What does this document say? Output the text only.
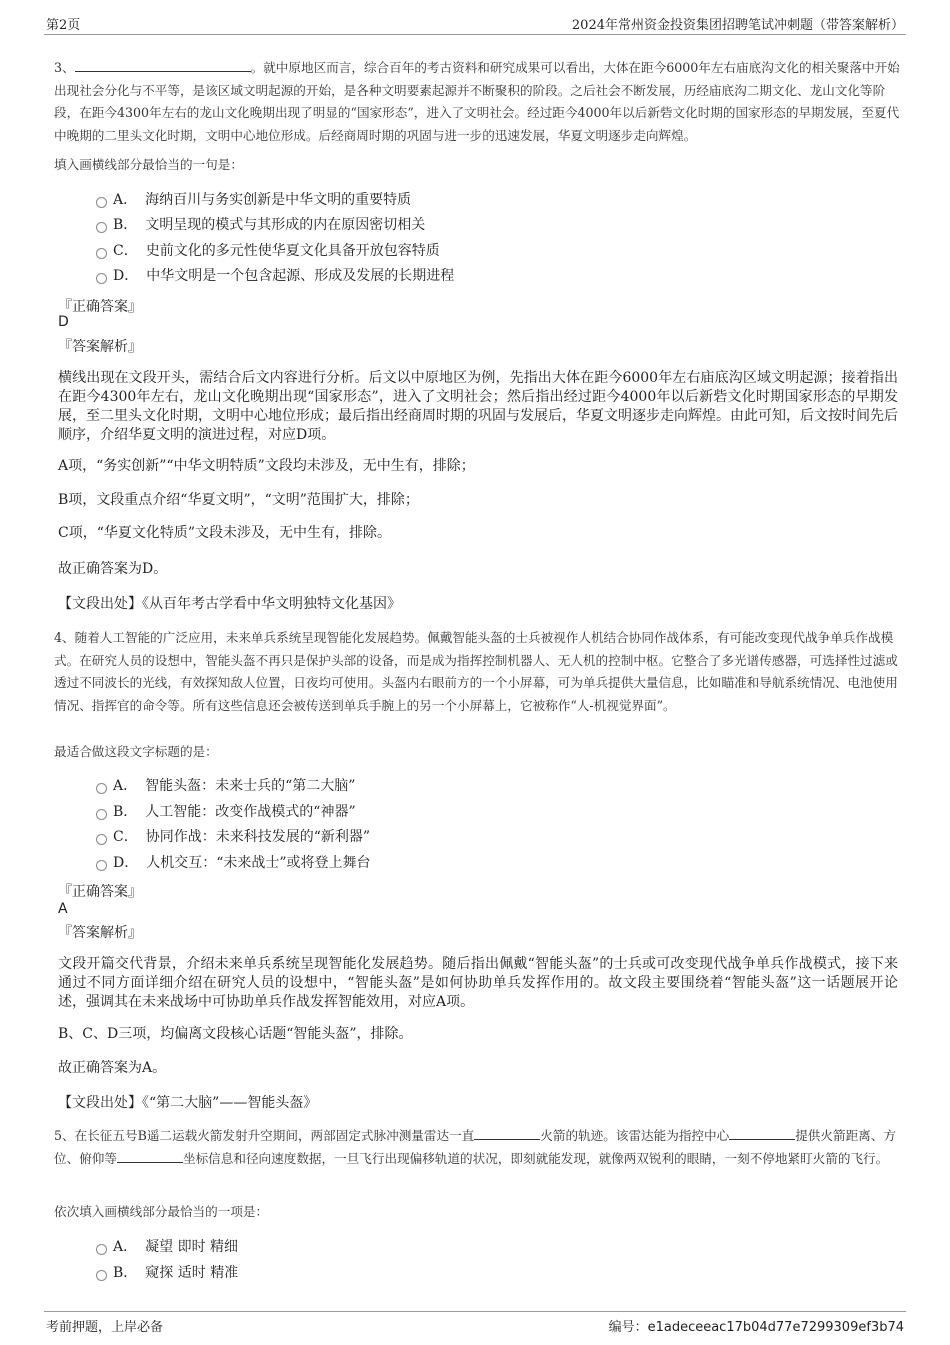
第2页	2024年常州资金投资集团招聘笔试冲刺题（带答案解析）
3、	。就中原地区而言，综合百年的考古资料和研究成果可以看出，大体在距今6000年左右庙底沟文化的相关聚落中开始出现社会分化与不平等，是该区域文明起源的开始，是各种文明要素起源并不断聚积的阶段。之后社会不断发展，历经庙底沟二期文化、龙山文化等阶段，在距今4300年左右的龙山文化晚期出现了明显的“国家形态”，进入了文明社会。经过距今4000年以后新砦文化时期的国家形态的早期发展，至夏代中晚期的二里头文化时期，文明中心地位形成。后经商周时期的巩固与进一步的迅速发展，华夏文明逐步走向辉煌。
填入画横线部分最恰当的一句是：
A． 海纳百川与务实创新是中华文明的重要特质
B． 文明呈现的模式与其形成的内在原因密切相关
C． 史前文化的多元性使华夏文化具备开放包容特质
D． 中华文明是一个包含起源、形成及发展的长期进程
『正确答案』
D
『答案解析』
横线出现在文段开头，需结合后文内容进行分析。后文以中原地区为例，先指出大体在距今6000年左右庙底沟区域文明起源；接着指出在距今4300年左右，龙山文化晚期出现“国家形态”，进入了文明社会；然后指出经过距今4000年以后新砦文化时期国家形态的早期发展，至二里头文化时期，文明中心地位形成；最后指出经商周时期的巩固与发展后，华夏文明逐步走向辉煌。由此可知，后文按时间先后顺序，介绍华夏文明的演进过程，对应D项。
A项，“务实创新”“中华文明特质”文段均未涉及，无中生有，排除；
B项，文段重点介绍“华夏文明”，“文明”范围扩大，排除；
C项，“华夏文化特质”文段未涉及，无中生有，排除。
故正确答案为D。
【文段出处】《从百年考古学看中华文明独特文化基因》
4、随着人工智能的广泛应用，未来单兵系统呈现智能化发展趋势。佩戴智能头盔的士兵被视作人机结合协同作战体系，有可能改变现代战争单兵作战模式。在研究人员的设想中，智能头盔不再只是保护头部的设备，而是成为指挥控制机器人、无人机的控制中枢。它整合了多光谱传感器，可选择性过滤或透过不同波长的光线，有效探知敌人位置，日夜均可使用。头盔内右眼前方的一个小屏幕，可为单兵提供大量信息，比如瞄准和导航系统情况、电池使用情况、指挥官的命令等。所有这些信息还会被传送到单兵手腕上的另一个小屏幕上，它被称作“人-机视觉界面”。
最适合做这段文字标题的是：
A． 智能头盔：未来士兵的“第二大脑”
B． 人工智能：改变作战模式的“神器”
C． 协同作战：未来科技发展的“新利器”
D． 人机交互：“未来战士”或将登上舞台
『正确答案』
A
『答案解析』
文段开篇交代背景，介绍未来单兵系统呈现智能化发展趋势。随后指出佩戴“智能头盔”的士兵或可改变现代战争单兵作战模式，接下来通过不同方面详细介绍在研究人员的设想中，“智能头盔”是如何协助单兵发挥作用的。故文段主要围绕着“智能头盔”这一话题展开论述，强调其在未来战场中可协助单兵作战发挥智能效用，对应A项。
B、C、D三项，均偏离文段核心话题“智能头盔”，排除。
故正确答案为A。
【文段出处】《“第二大脑”——智能头盔》
5、在长征五号B遥二运载火箭发射升空期间，两部固定式脉冲测量雷达一直	火箭的轨迹。该雷达能为指控中心	提供火箭距离、方位、俯仰等	坐标信息和径向速度数据，一旦飞行出现偏移轨道的状况，即刻就能发现，就像两双锐利的眼睛，一刻不停地紧盯火箭的飞行。
依次填入画横线部分最恰当的一项是：
A． 凝望 即时 精细
B． 窥探 适时 精准
考前押题，上岸必备	编号：e1adeceeac17b04d77e7299309ef3b74
